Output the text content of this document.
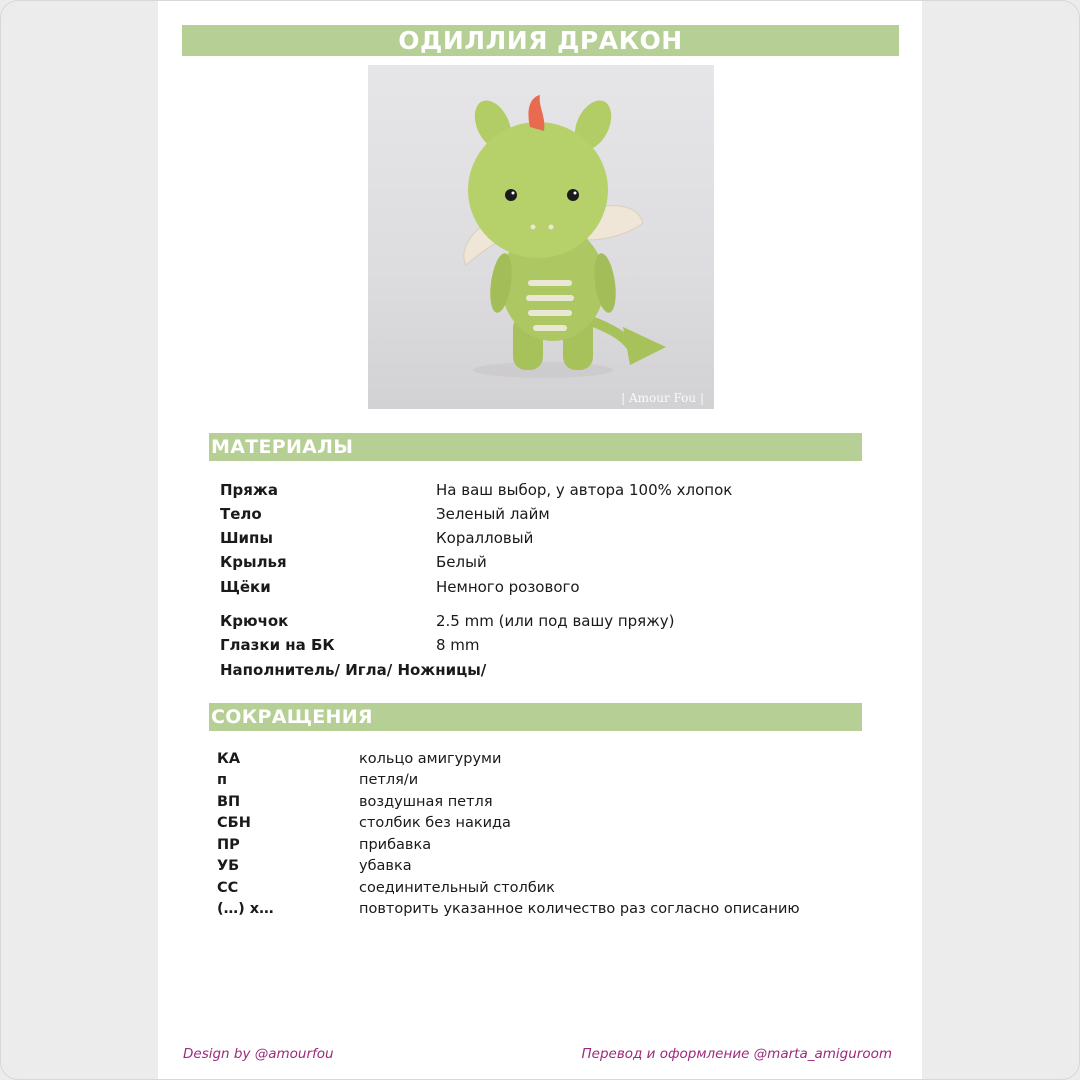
ОДИЛЛИЯ ДРАКОН
| Amour Fou |
МАТЕРИАЛЫ
Пряжа	На ваш выбор, у автора 100% хлопок
Тело	Зеленый лайм
Шипы	Коралловый
Крылья	Белый
Щёки	Немного розового
Крючок	2.5 mm (или под вашу пряжу)
Глазки на БК	8 mm
Наполнитель/ Игла/ Ножницы/
СОКРАЩЕНИЯ
КА	кольцо амигуруми
п	петля/и
ВП	воздушная петля
СБН	столбик без накида
ПР	прибавка
УБ	убавка
СС	соединительный столбик
(…) x…	повторить указанное количество раз согласно описанию
Design by @amourfou	Перевод и оформление @marta_amiguroom
